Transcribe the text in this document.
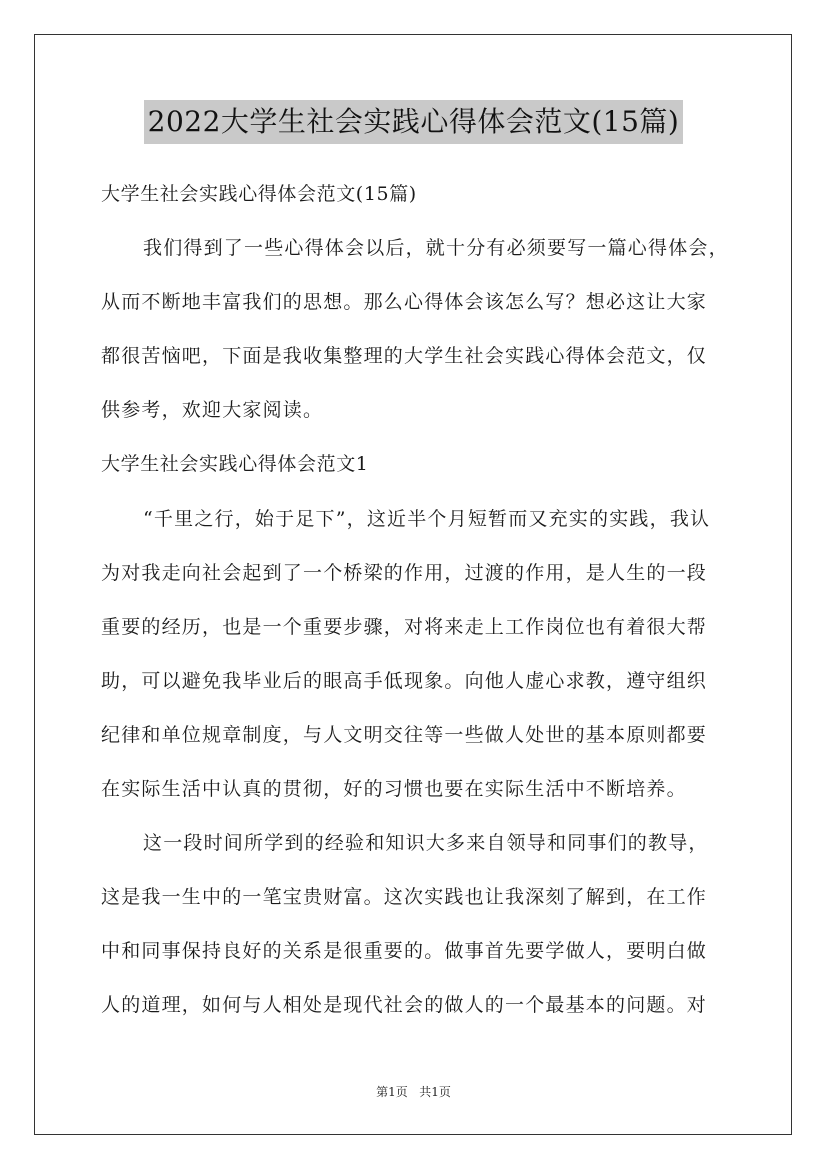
2022大学生社会实践心得体会范文(15篇)
大学生社会实践心得体会范文(15篇)
我们得到了一些心得体会以后，就十分有必须要写一篇心得体会，
从而不断地丰富我们的思想。那么心得体会该怎么写？想必这让大家
都很苦恼吧，下面是我收集整理的大学生社会实践心得体会范文，仅
供参考，欢迎大家阅读。
大学生社会实践心得体会范文1
“千里之行，始于足下”，这近半个月短暂而又充实的实践，我认
为对我走向社会起到了一个桥梁的作用，过渡的作用，是人生的一段
重要的经历，也是一个重要步骤，对将来走上工作岗位也有着很大帮
助，可以避免我毕业后的眼高手低现象。向他人虚心求教，遵守组织
纪律和单位规章制度，与人文明交往等一些做人处世的基本原则都要
在实际生活中认真的贯彻，好的习惯也要在实际生活中不断培养。
这一段时间所学到的经验和知识大多来自领导和同事们的教导，
这是我一生中的一笔宝贵财富。这次实践也让我深刻了解到，在工作
中和同事保持良好的关系是很重要的。做事首先要学做人，要明白做
人的道理，如何与人相处是现代社会的做人的一个最基本的问题。对
第1页 共1页
